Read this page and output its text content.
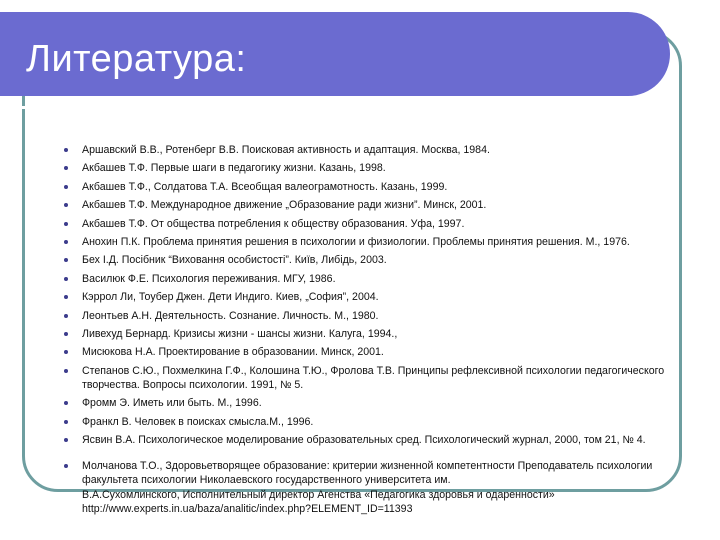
Литература:
Аршавский В.В., Ротенберг В.В. Поисковая активность и адаптация. Москва, 1984.
Акбашев Т.Ф. Первые шаги в педагогику жизни. Казань, 1998.
Акбашев Т.Ф., Солдатова Т.А. Всеобщая валеограмотность. Казань, 1999.
Акбашев Т.Ф. Международное движение „Образование ради жизни”. Минск, 2001.
Акбашев Т.Ф. От общества потребления к обществу образования. Уфа, 1997.
Анохин П.К. Проблема принятия решения в психологии и физиологии. Проблемы принятия решения. М., 1976.
Бех І.Д. Посібник “Виховання особистості”. Київ, Либідь, 2003.
Василюк Ф.Е. Психология переживания. МГУ, 1986.
Кэррол Ли, Тоубер Джен. Дети Индиго. Киев, „София”, 2004.
Леонтьев А.Н. Деятельность. Сознание. Личность. М., 1980.
Ливехуд Бернард. Кризисы жизни - шансы жизни. Калуга, 1994.,
Мисюкова Н.А. Проектирование в образовании. Минск, 2001.
Степанов С.Ю., Похмелкина Г.Ф., Колошина Т.Ю., Фролова Т.В. Принципы рефлексивной психологии педагогического творчества. Вопросы психологии. 1991, № 5.
Фромм Э. Иметь или быть. М., 1996.
Франкл В. Человек в поисках смысла.М., 1996.
Ясвин В.А. Психологическое моделирование образовательных сред. Психологический журнал, 2000, том 21, № 4.
Молчанова Т.О., Здоровьетворящее образование: критерии жизненной компетентности Преподаватель психологии факультета психологии Николаевского государственного университета им.
В.А.Сухомлинского, Исполнительный директор Агенства «Педагогика здоровья и одаренности»
http://www.experts.in.ua/baza/analitic/index.php?ELEMENT_ID=11393
